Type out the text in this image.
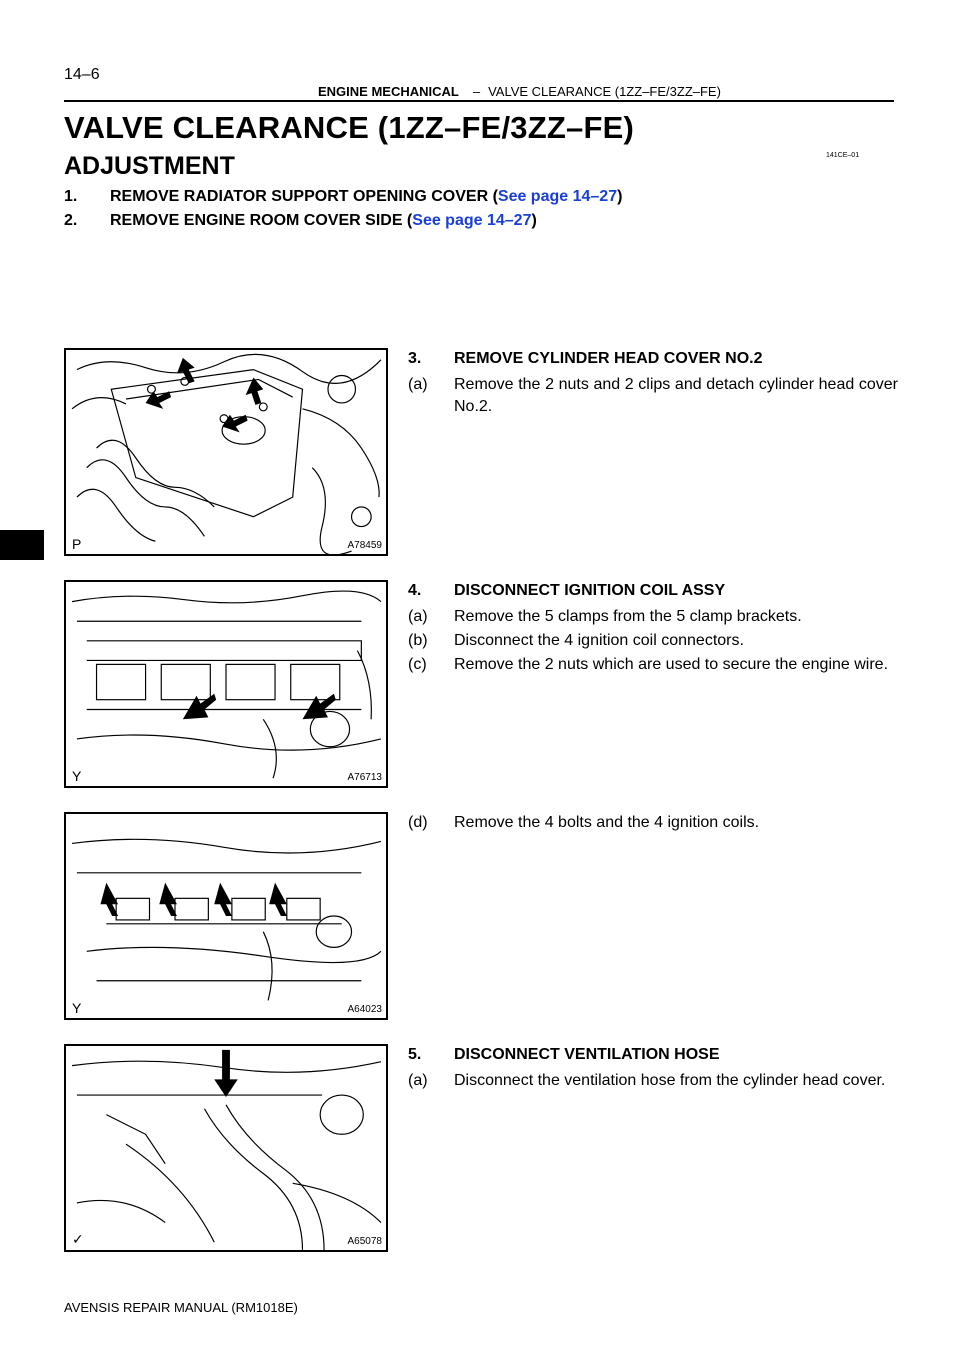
14–6
ENGINE MECHANICAL – VALVE CLEARANCE (1ZZ–FE/3ZZ–FE)
VALVE CLEARANCE (1ZZ–FE/3ZZ–FE)
ADJUSTMENT	141CE–01
1. REMOVE RADIATOR SUPPORT OPENING COVER (See page 14–27)
2. REMOVE ENGINE ROOM COVER SIDE (See page 14–27)
P	A78459
3. REMOVE CYLINDER HEAD COVER NO.2
(a)	Remove the 2 nuts and 2 clips and detach cylinder head cover No.2.
Y	A76713
4. DISCONNECT IGNITION COIL ASSY
(a)	Remove the 5 clamps from the 5 clamp brackets.
(b)	Disconnect the 4 ignition coil connectors.
(c)	Remove the 2 nuts which are used to secure the engine wire.
Y	A64023
(d)	Remove the 4 bolts and the 4 ignition coils.
✓	A65078
5. DISCONNECT VENTILATION HOSE
(a)	Disconnect the ventilation hose from the cylinder head cover.
AVENSIS REPAIR MANUAL (RM1018E)
